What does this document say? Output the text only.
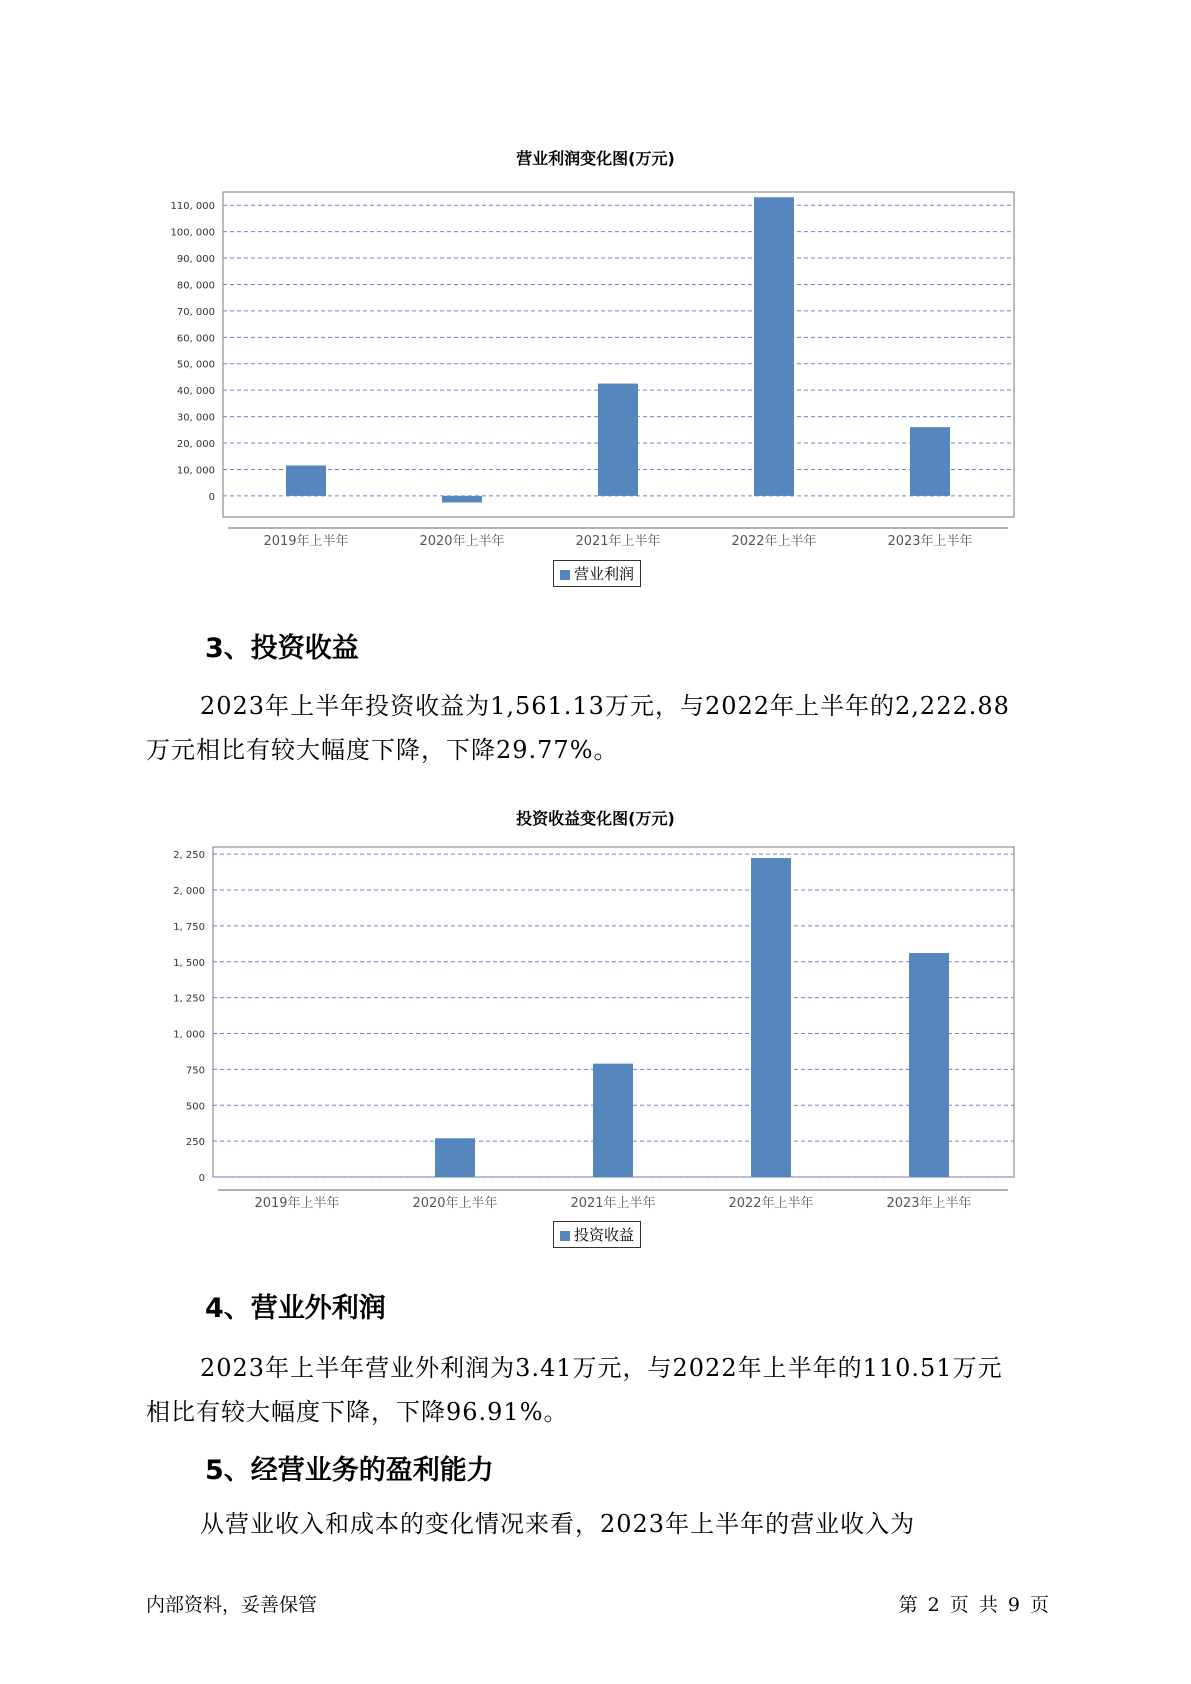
营业利润变化图(万元)
0
10, 000
20, 000
30, 000
40, 000
50, 000
60, 000
70, 000
80, 000
90, 000
100, 000
110, 000
2019年上半年	2020年上半年	2021年上半年	2022年上半年	2023年上半年
营业利润
3、投资收益

2023年上半年投资收益为1,561.13万元，与2022年上半年的2,222.88
万元相比有较大幅度下降，下降29.77%。

投资收益变化图(万元)
0
250
500
750
1, 000
1, 250
1, 500
1, 750
2, 000
2, 250
2019年上半年	2020年上半年	2021年上半年	2022年上半年	2023年上半年
投资收益
4、营业外利润

2023年上半年营业外利润为3.41万元，与2022年上半年的110.51万元
相比有较大幅度下降，下降96.91%。

5、经营业务的盈利能力

从营业收入和成本的变化情况来看，2023年上半年的营业收入为

内部资料，妥善保管	第 2 页 共 9 页
